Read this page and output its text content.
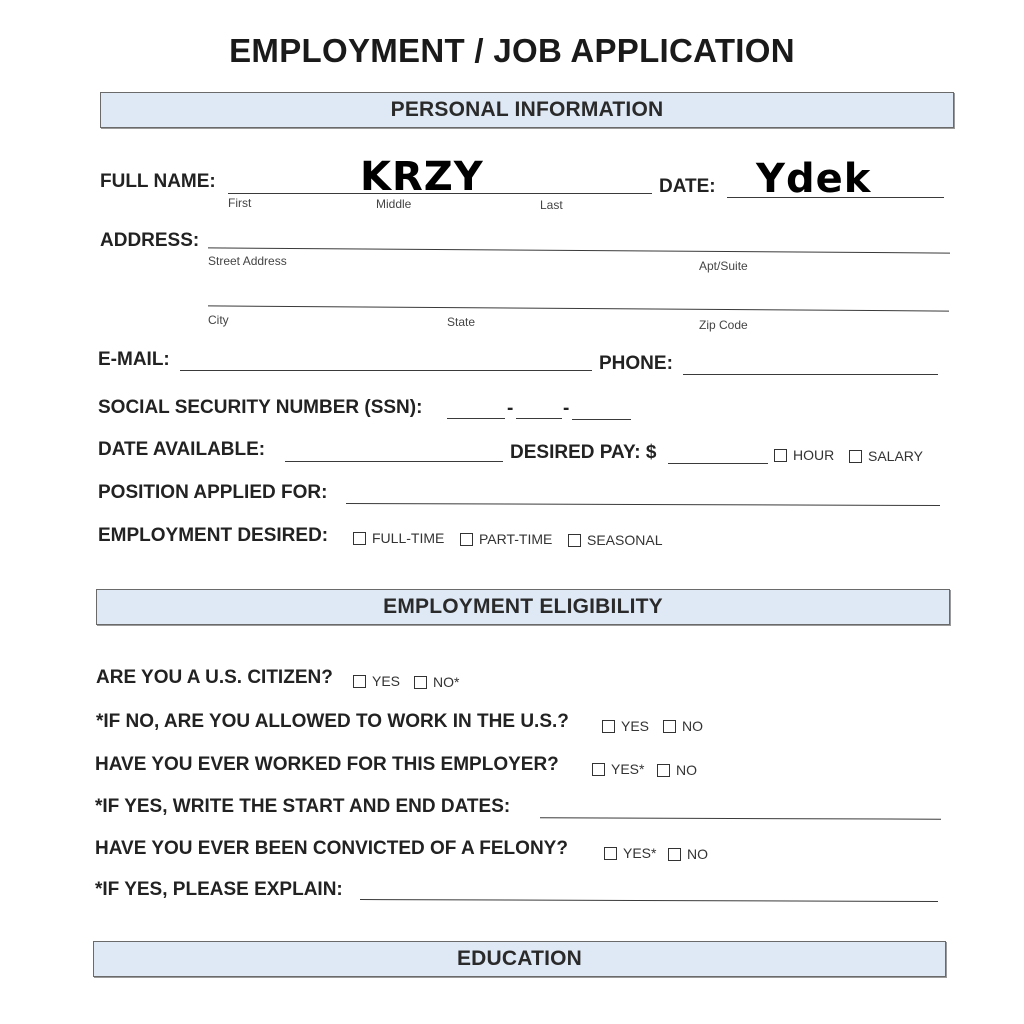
EMPLOYMENT / JOB APPLICATION
PERSONAL INFORMATION
FULL NAME:	KRZY
First	Middle	Last
DATE: Ydek
ADDRESS:
Street Address	Apt/Suite
City	State	Zip Code
E-MAIL:	PHONE:
SOCIAL SECURITY NUMBER (SSN):	-	-
DATE AVAILABLE:	DESIRED PAY: $	HOUR SALARY
POSITION APPLIED FOR:
EMPLOYMENT DESIRED:	FULL-TIME PART-TIME SEASONAL
EMPLOYMENT ELIGIBILITY
ARE YOU A U.S. CITIZEN?	YES NO*
*IF NO, ARE YOU ALLOWED TO WORK IN THE U.S.?	YES NO
HAVE YOU EVER WORKED FOR THIS EMPLOYER?	YES* NO
*IF YES, WRITE THE START AND END DATES:
HAVE YOU EVER BEEN CONVICTED OF A FELONY?	YES* NO
*IF YES, PLEASE EXPLAIN:
EDUCATION
